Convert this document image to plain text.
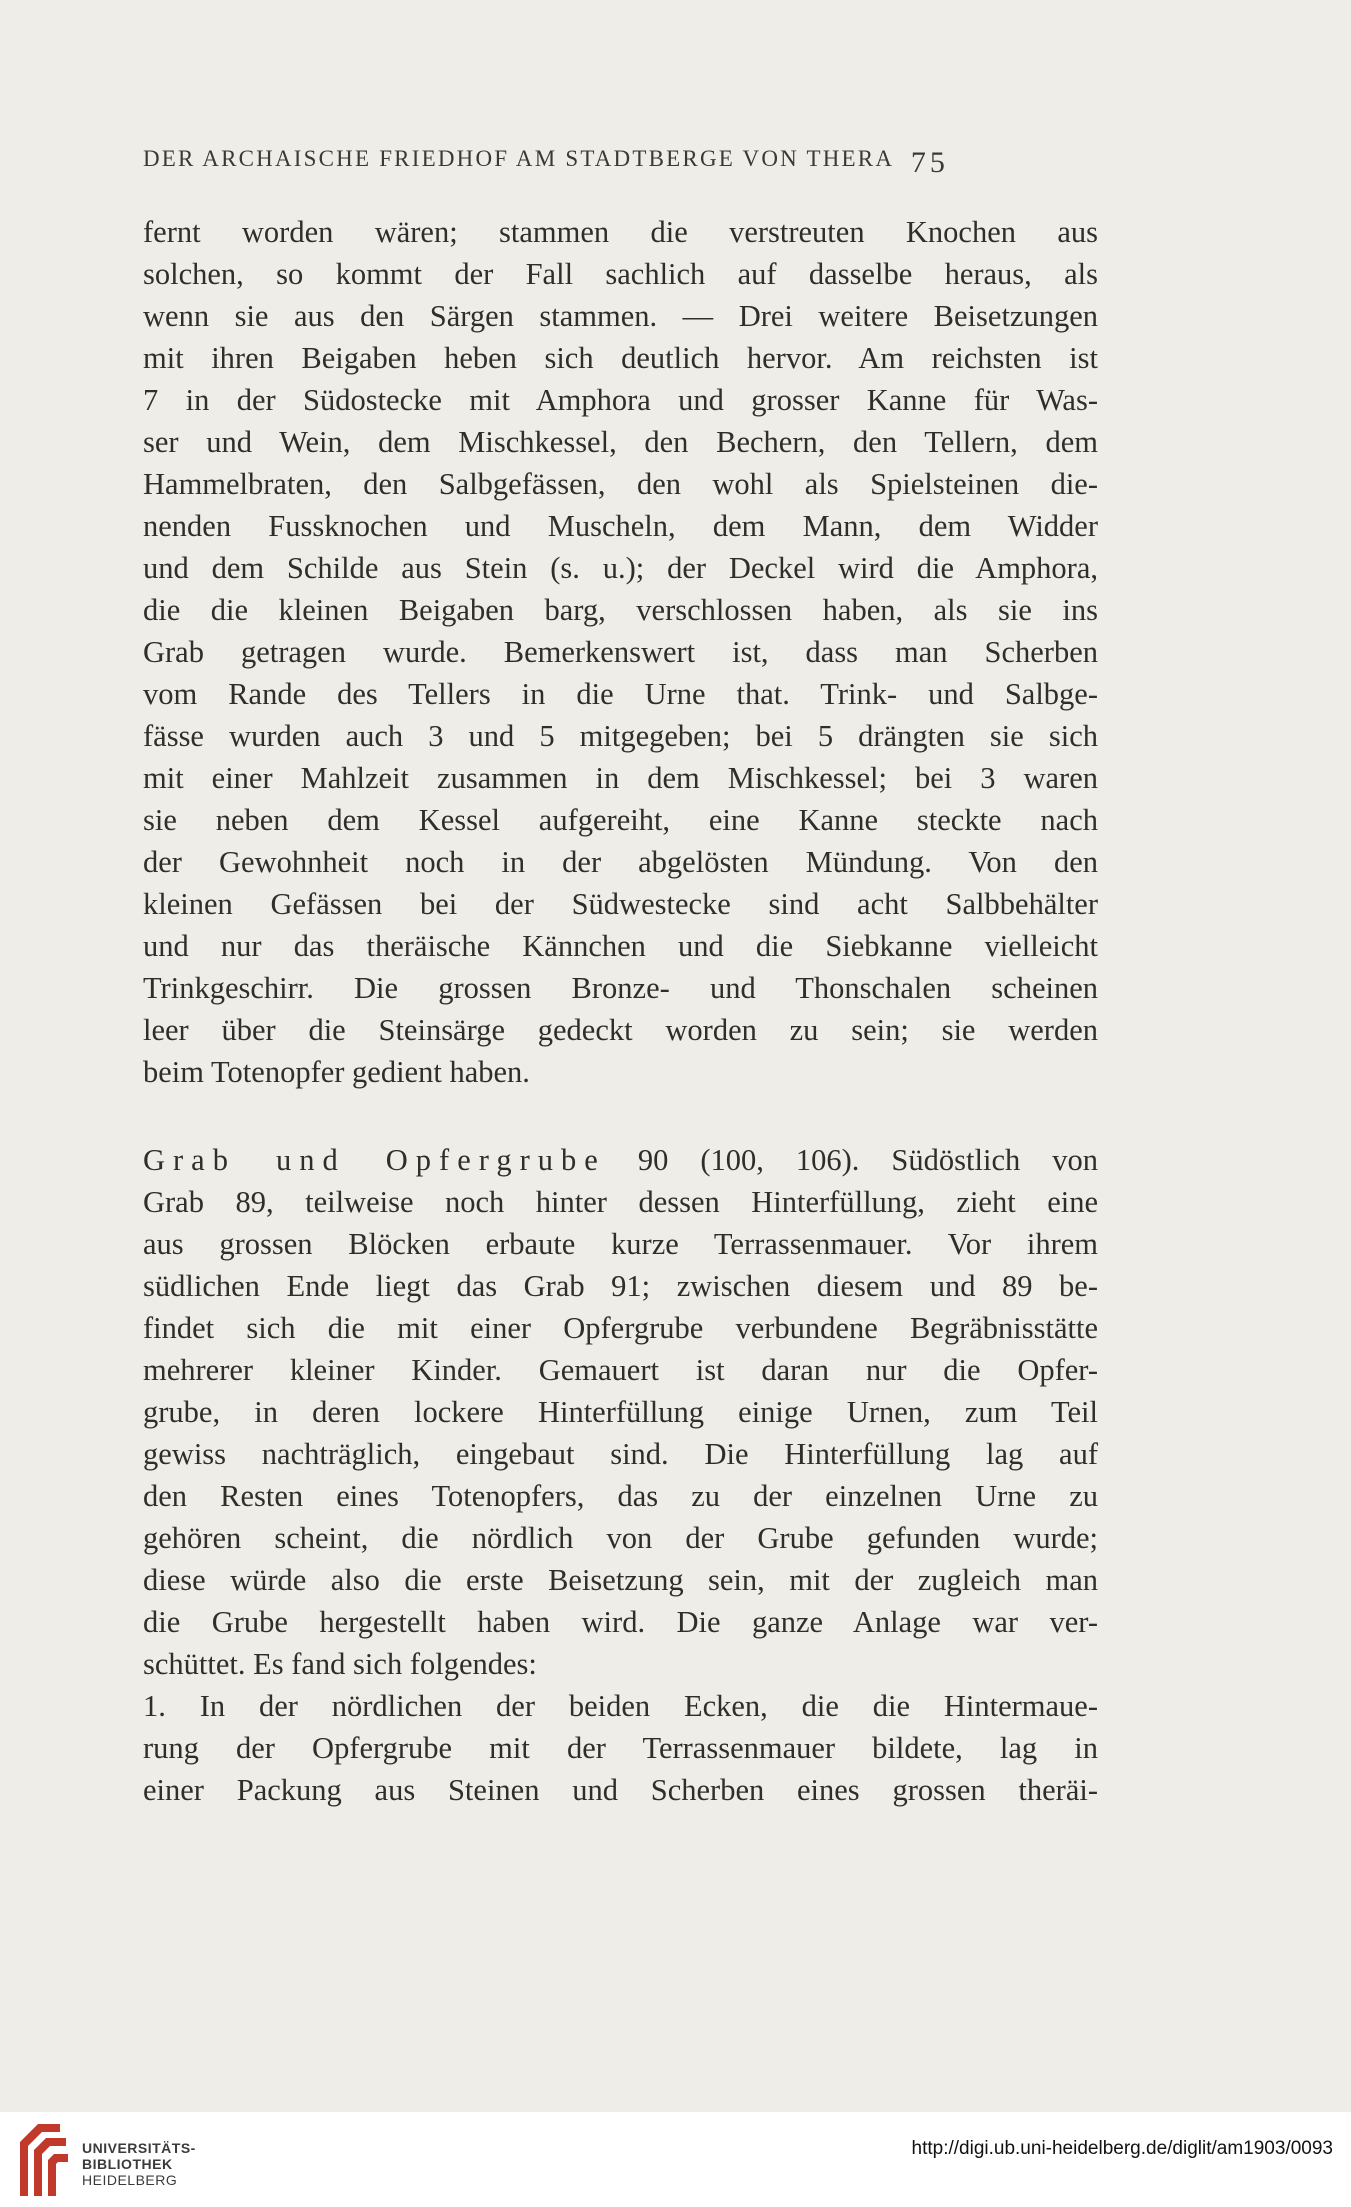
DER ARCHAISCHE FRIEDHOF AM STADTBERGE VON THERA 75
fernt worden wären; stammen die verstreuten Knochen aus
solchen, so kommt der Fall sachlich auf dasselbe heraus, als
wenn sie aus den Särgen stammen. — Drei weitere Beisetzungen
mit ihren Beigaben heben sich deutlich hervor. Am reichsten ist
7 in der Südostecke mit Amphora und grosser Kanne für Was-
ser und Wein, dem Mischkessel, den Bechern, den Tellern, dem
Hammelbraten, den Salbgefässen, den wohl als Spielsteinen die-
nenden Fussknochen und Muscheln, dem Mann, dem Widder
und dem Schilde aus Stein (s. u.); der Deckel wird die Amphora,
die die kleinen Beigaben barg, verschlossen haben, als sie ins
Grab getragen wurde. Bemerkenswert ist, dass man Scherben
vom Rande des Tellers in die Urne that. Trink- und Salbge-
fässe wurden auch 3 und 5 mitgegeben; bei 5 drängten sie sich
mit einer Mahlzeit zusammen in dem Mischkessel; bei 3 waren
sie neben dem Kessel aufgereiht, eine Kanne steckte nach
der Gewohnheit noch in der abgelösten Mündung. Von den
kleinen Gefässen bei der Südwestecke sind acht Salbbehälter
und nur das theräische Kännchen und die Siebkanne vielleicht
Trinkgeschirr. Die grossen Bronze- und Thonschalen scheinen
leer über die Steinsärge gedeckt worden zu sein; sie werden
beim Totenopfer gedient haben.
Grab und Opfergrube 90 (100, 106). Südöstlich von
Grab 89, teilweise noch hinter dessen Hinterfüllung, zieht eine
aus grossen Blöcken erbaute kurze Terrassenmauer. Vor ihrem
südlichen Ende liegt das Grab 91; zwischen diesem und 89 be-
findet sich die mit einer Opfergrube verbundene Begräbnisstätte
mehrerer kleiner Kinder. Gemauert ist daran nur die Opfer-
grube, in deren lockere Hinterfüllung einige Urnen, zum Teil
gewiss nachträglich, eingebaut sind. Die Hinterfüllung lag auf
den Resten eines Totenopfers, das zu der einzelnen Urne zu
gehören scheint, die nördlich von der Grube gefunden wurde;
diese würde also die erste Beisetzung sein, mit der zugleich man
die Grube hergestellt haben wird. Die ganze Anlage war ver-
schüttet. Es fand sich folgendes:
1. In der nördlichen der beiden Ecken, die die Hintermaue-
rung der Opfergrube mit der Terrassenmauer bildete, lag in
einer Packung aus Steinen und Scherben eines grossen theräi-
UNIVERSITÄTS-
BIBLIOTHEK
HEIDELBERG
http://digi.ub.uni-heidelberg.de/diglit/am1903/0093
